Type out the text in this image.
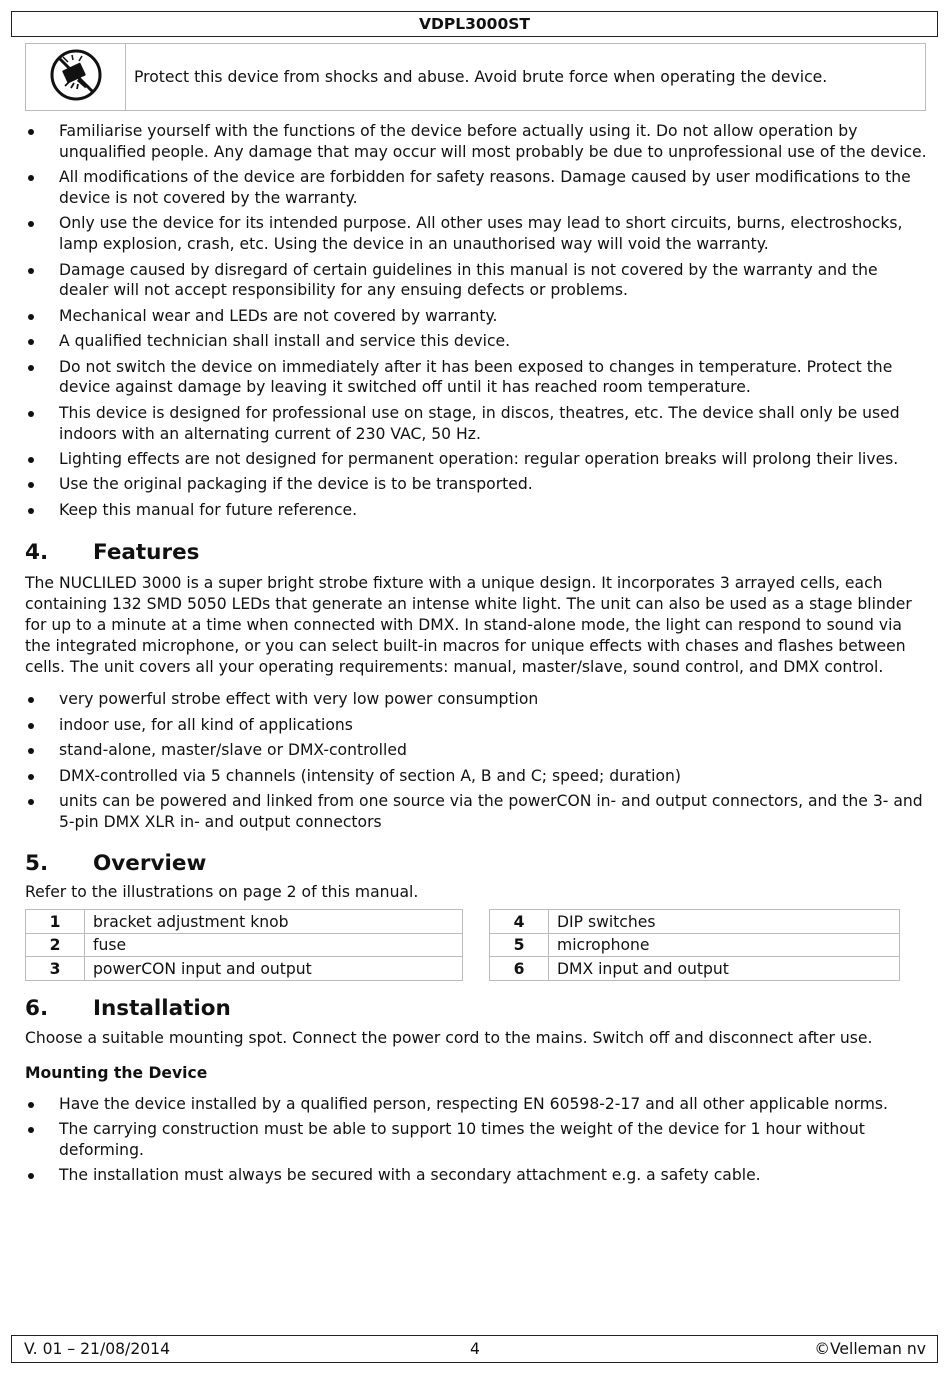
VDPL3000ST
Protect this device from shocks and abuse. Avoid brute force when operating the device.
Familiarise yourself with the functions of the device before actually using it. Do not allow operation by unqualified people. Any damage that may occur will most probably be due to unprofessional use of the device.
All modifications of the device are forbidden for safety reasons. Damage caused by user modifications to the device is not covered by the warranty.
Only use the device for its intended purpose. All other uses may lead to short circuits, burns, electroshocks, lamp explosion, crash, etc. Using the device in an unauthorised way will void the warranty.
Damage caused by disregard of certain guidelines in this manual is not covered by the warranty and the dealer will not accept responsibility for any ensuing defects or problems.
Mechanical wear and LEDs are not covered by warranty.
A qualified technician shall install and service this device.
Do not switch the device on immediately after it has been exposed to changes in temperature. Protect the device against damage by leaving it switched off until it has reached room temperature.
This device is designed for professional use on stage, in discos, theatres, etc. The device shall only be used indoors with an alternating current of 230 VAC, 50 Hz.
Lighting effects are not designed for permanent operation: regular operation breaks will prolong their lives.
Use the original packaging if the device is to be transported.
Keep this manual for future reference.
4.	Features

The NUCLILED 3000 is a super bright strobe fixture with a unique design. It incorporates 3 arrayed cells, each containing 132 SMD 5050 LEDs that generate an intense white light. The unit can also be used as a stage blinder for up to a minute at a time when connected with DMX. In stand-alone mode, the light can respond to sound via the integrated microphone, or you can select built-in macros for unique effects with chases and flashes between cells. The unit covers all your operating requirements: manual, master/slave, sound control, and DMX control.

very powerful strobe effect with very low power consumption
indoor use, for all kind of applications
stand-alone, master/slave or DMX-controlled
DMX-controlled via 5 channels (intensity of section A, B and C; speed; duration)
units can be powered and linked from one source via the powerCON in- and output connectors, and the 3- and 5-pin DMX XLR in- and output connectors
5.	Overview

Refer to the illustrations on page 2 of this manual.

1	bracket adjustment knob
2	fuse
3	powerCON input and output
4	DIP switches
5	microphone
6	DMX input and output
6.	Installation

Choose a suitable mounting spot. Connect the power cord to the mains. Switch off and disconnect after use.

Mounting the Device
Have the device installed by a qualified person, respecting EN 60598-2-17 and all other applicable norms.
The carrying construction must be able to support 10 times the weight of the device for 1 hour without deforming.
The installation must always be secured with a secondary attachment e.g. a safety cable.
V. 01 – 21/08/2014	4	©Velleman nv
